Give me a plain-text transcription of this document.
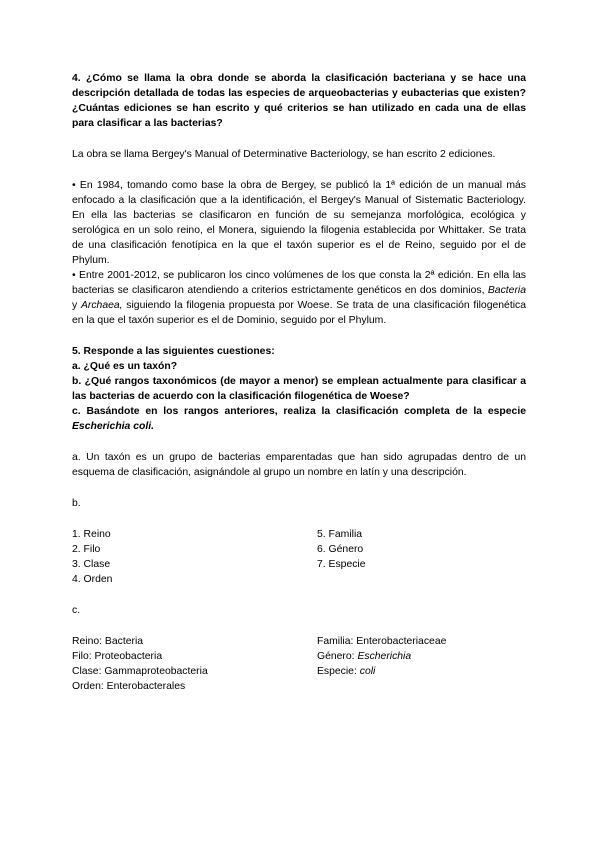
4. ¿Cómo se llama la obra donde se aborda la clasificación bacteriana y se hace una descripción detallada de todas las especies de arqueobacterias y eubacterias que existen? ¿Cuántas ediciones se han escrito y qué criterios se han utilizado en cada una de ellas para clasificar a las bacterias?

La obra se llama Bergey's Manual of Determinative Bacteriology, se han escrito 2 ediciones.

• En 1984, tomando como base la obra de Bergey, se publicó la 1ª edición de un manual más enfocado a la clasificación que a la identificación, el Bergey's Manual of Sistematic Bacteriology. En ella las bacterias se clasificaron en función de su semejanza morfológica, ecológica y serológica en un solo reino, el Monera, siguiendo la filogenia establecida por Whittaker. Se trata de una clasificación fenotípica en la que el taxón superior es el de Reino, seguido por el de Phylum.

• Entre 2001-2012, se publicaron los cinco volúmenes de los que consta la 2ª edición. En ella las bacterias se clasificaron atendiendo a criterios estrictamente genéticos en dos dominios, Bacteria y Archaea, siguiendo la filogenia propuesta por Woese. Se trata de una clasificación filogenética en la que el taxón superior es el de Dominio, seguido por el Phylum.

5. Responde a las siguientes cuestiones:

a. ¿Qué es un taxón?

b. ¿Qué rangos taxonómicos (de mayor a menor) se emplean actualmente para clasificar a las bacterias de acuerdo con la clasificación filogenética de Woese?

c. Basándote en los rangos anteriores, realiza la clasificación completa de la especie Escherichia coli.

a. Un taxón es un grupo de bacterias emparentadas que han sido agrupadas dentro de un esquema de clasificación, asignándole al grupo un nombre en latín y una descripción.

b.

1. Reino

2. Filo

3. Clase

4. Orden

5. Familia

6. Género

7. Especie

c.

Reino: Bacteria

Filo: Proteobacteria

Clase: Gammaproteobacteria

Orden: Enterobacterales

Familia: Enterobacteriaceae

Género: Escherichia

Especie: coli
